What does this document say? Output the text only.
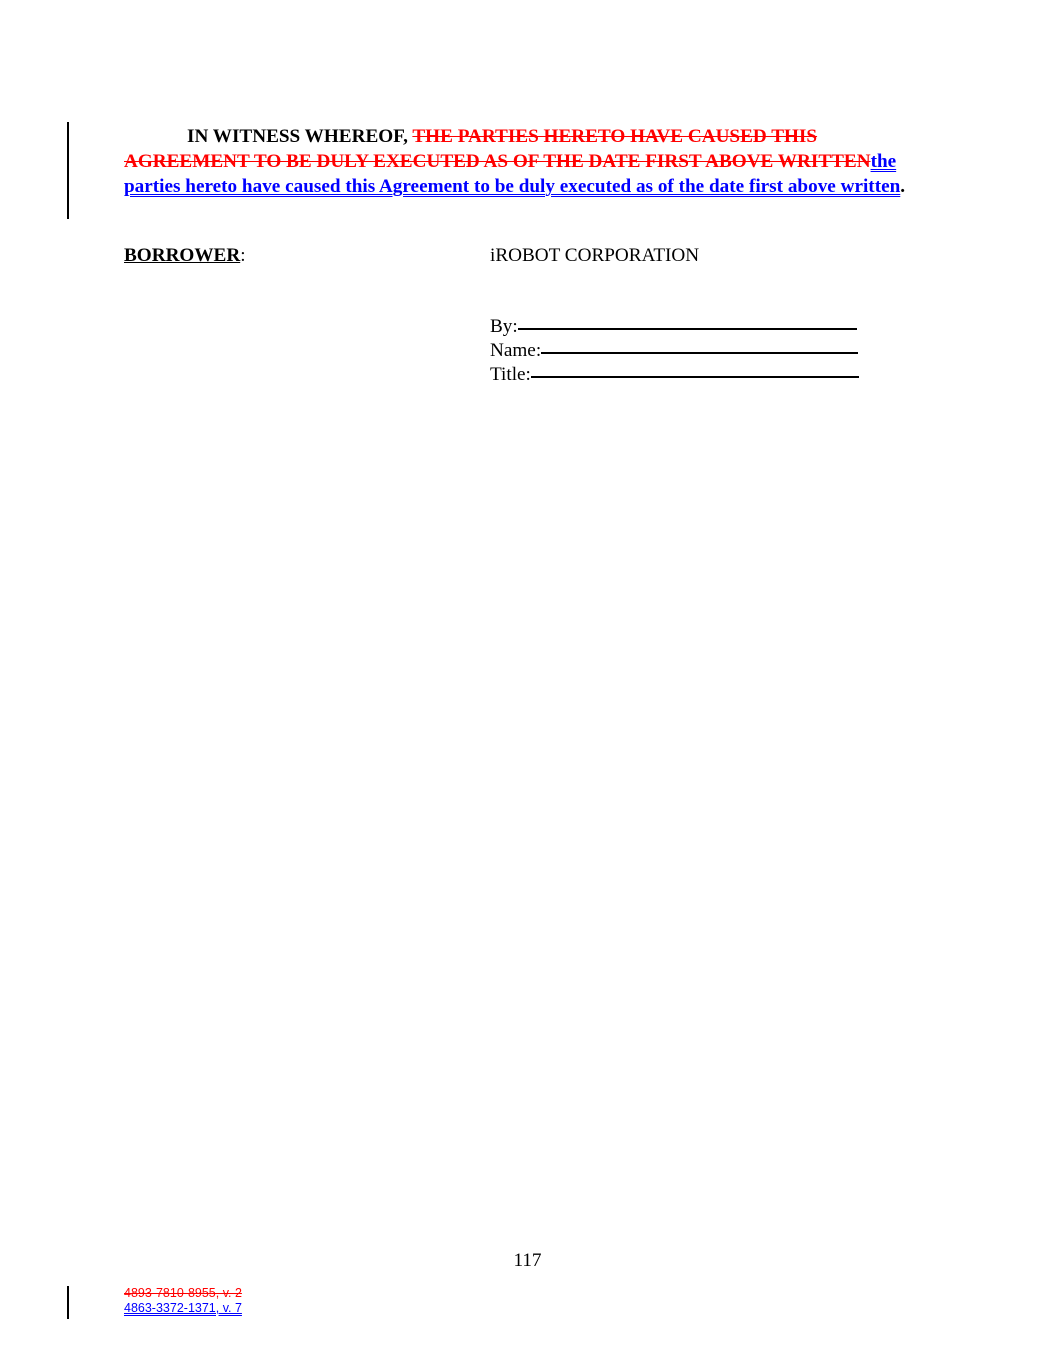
IN WITNESS WHEREOF, THE PARTIES HERETO HAVE CAUSED THIS AGREEMENT TO BE DULY EXECUTED AS OF THE DATE FIRST ABOVE WRITTENthe parties hereto have caused this Agreement to be duly executed as of the date first above written.

BORROWER:	iROBOT CORPORATION
By:
Name:
Title:
117
4893-7810-8955, v. 2
4863-3372-1371, v. 7
